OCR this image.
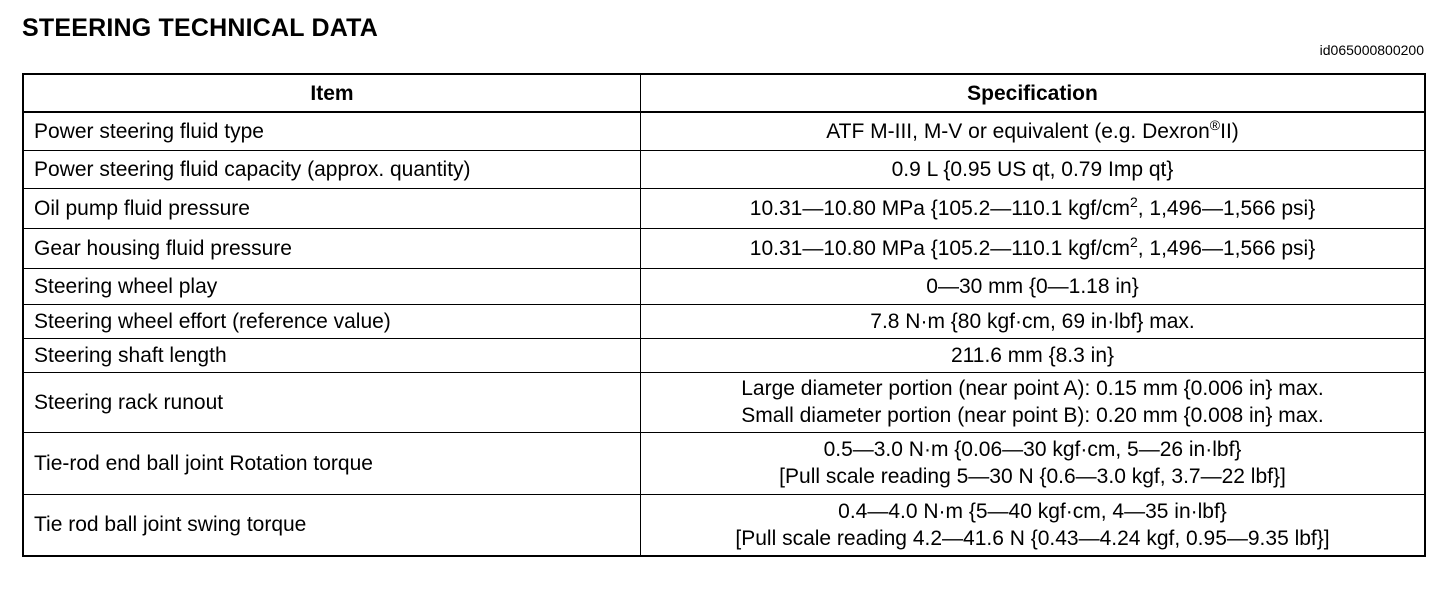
STEERING TECHNICAL DATA
id065000800200
Item	Specification
Power steering fluid type	ATF M-III, M-V or equivalent (e.g. Dexron®II)
Power steering fluid capacity (approx. quantity)	0.9 L {0.95 US qt, 0.79 Imp qt}
Oil pump fluid pressure	10.31—10.80 MPa {105.2—110.1 kgf/$cm^2$, 1,496—1,566 psi}
Gear housing fluid pressure	10.31—10.80 MPa {105.2—110.1 kgf/$cm^2$, 1,496—1,566 psi}
Steering wheel play	0—30 mm {0—1.18 in}
Steering wheel effort (reference value)	7.8 N·m {80 kgf·cm, 69 in·lbf} max.
Steering shaft length	211.6 mm {8.3 in}
Steering rack runout	Large diameter portion (near point A): 0.15 mm {0.006 in} max.
Small diameter portion (near point B): 0.20 mm {0.008 in} max.

Tie-rod end ball joint Rotation torque	0.5—3.0 N·m {0.06—30 kgf·cm, 5—26 in·lbf}
[Pull scale reading 5—30 N {0.6—3.0 kgf, 3.7—22 lbf}]

Tie rod ball joint swing torque	0.4—4.0 N·m {5—40 kgf·cm, 4—35 in·lbf}
[Pull scale reading 4.2—41.6 N {0.43—4.24 kgf, 0.95—9.35 lbf}]
